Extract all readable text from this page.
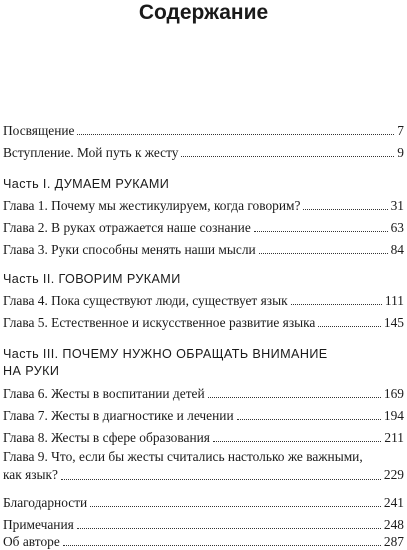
Содержание
Посвящение	7
Вступление. Мой путь к жесту	9

Часть I. ДУМАЕМ РУКАМИ

Глава 1. Почему мы жестикулируем, когда говорим?	31
Глава 2. В руках отражается наше сознание	63
Глава 3. Руки способны менять наши мысли	84

Часть II. ГОВОРИМ РУКАМИ

Глава 4. Пока существуют люди, существует язык	111
Глава 5. Естественное и искусственное развитие языка	145

Часть III. ПОЧЕМУ НУЖНО ОБРАЩАТЬ ВНИМАНИЕ
НА РУКИ

Глава 6. Жесты в воспитании детей	169
Глава 7. Жесты в диагностике и лечении	194
Глава 8. Жесты в сфере образования	211
Глава 9. Что, если бы жесты считались настолько же важными,
как язык?	229
Благодарности	241
Примечания	248
Об авторе	287
